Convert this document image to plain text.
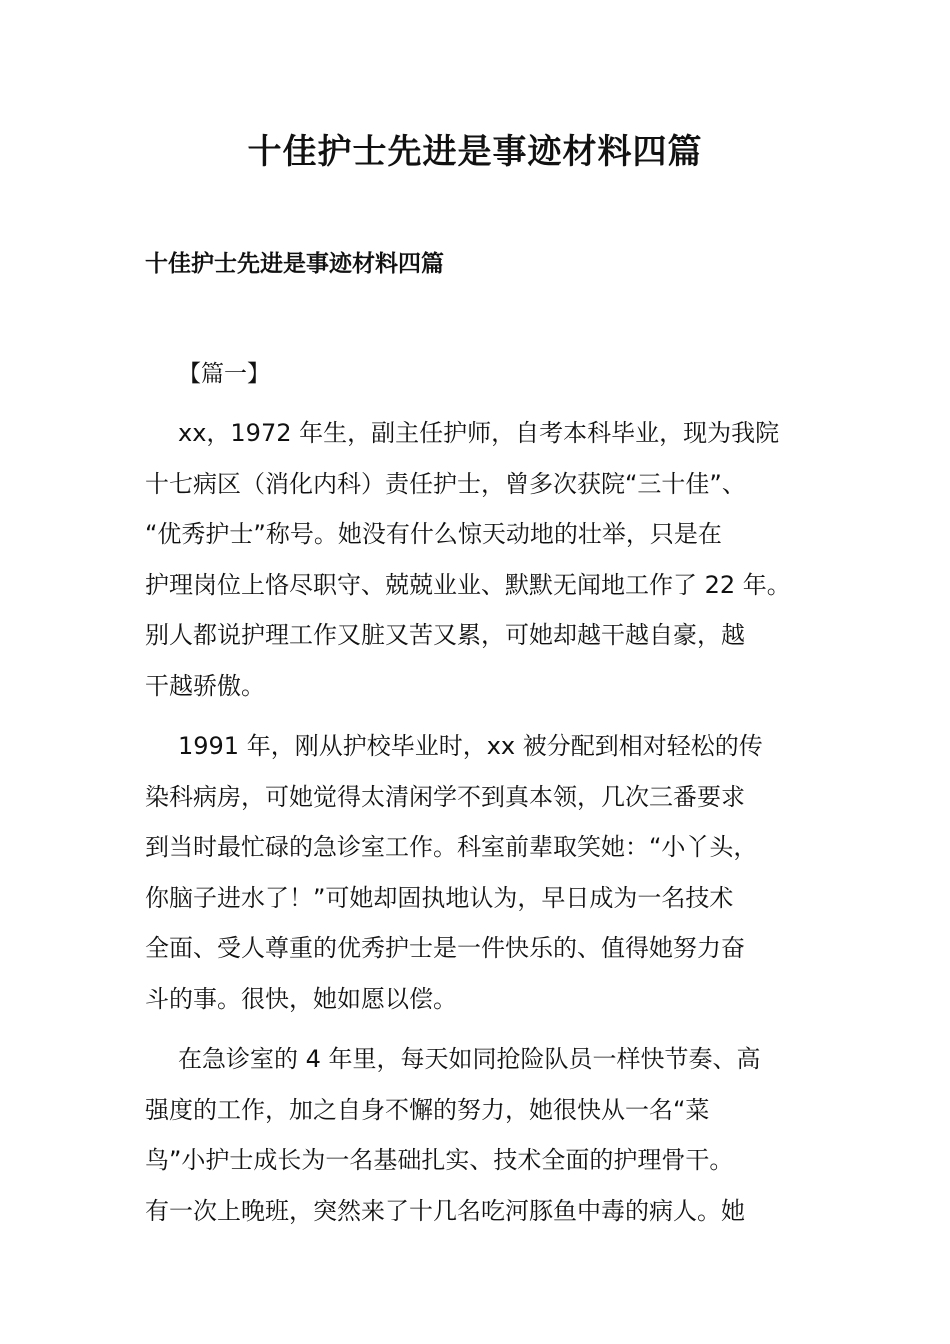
十佳护士先进是事迹材料四篇
十佳护士先进是事迹材料四篇

【篇一】

xx，1972 年生，副主任护师，自考本科毕业，现为我院
十七病区（消化内科）责任护士，曾多次获院“三十佳”、
“优秀护士”称号。她没有什么惊天动地的壮举，只是在
护理岗位上恪尽职守、兢兢业业、默默无闻地工作了 22 年。
别人都说护理工作又脏又苦又累，可她却越干越自豪，越
干越骄傲。

1991 年，刚从护校毕业时，xx 被分配到相对轻松的传
染科病房，可她觉得太清闲学不到真本领，几次三番要求
到当时最忙碌的急诊室工作。科室前辈取笑她：“小丫头，
你脑子进水了！”可她却固执地认为，早日成为一名技术
全面、受人尊重的优秀护士是一件快乐的、值得她努力奋
斗的事。很快，她如愿以偿。

在急诊室的 4 年里，每天如同抢险队员一样快节奏、高
强度的工作，加之自身不懈的努力，她很快从一名“菜
鸟”小护士成长为一名基础扎实、技术全面的护理骨干。
有一次上晚班，突然来了十几名吃河豚鱼中毒的病人。她
